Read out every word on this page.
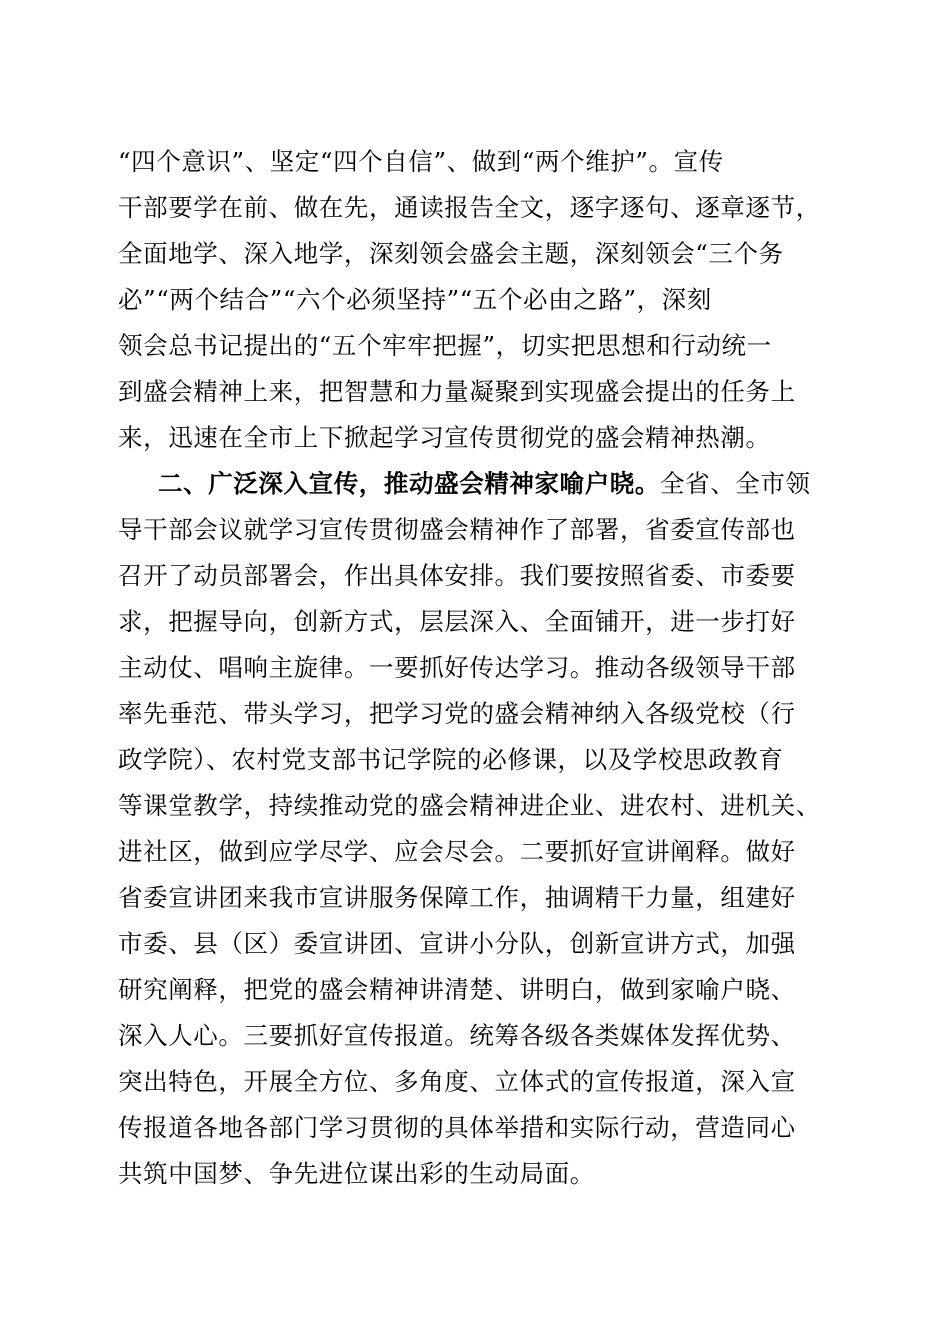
“四个意识”、坚定“四个自信”、做到“两个维护”。宣传
干部要学在前、做在先，通读报告全文，逐字逐句、逐章逐节，
全面地学、深入地学，深刻领会盛会主题，深刻领会“三个务
必”“两个结合”“六个必须坚持”“五个必由之路”，深刻
领会总书记提出的“五个牢牢把握”，切实把思想和行动统一
到盛会精神上来，把智慧和力量凝聚到实现盛会提出的任务上
来，迅速在全市上下掀起学习宣传贯彻党的盛会精神热潮。
二、广泛深入宣传，推动盛会精神家喻户晓。全省、全市领
导干部会议就学习宣传贯彻盛会精神作了部署，省委宣传部也
召开了动员部署会，作出具体安排。我们要按照省委、市委要
求，把握导向，创新方式，层层深入、全面铺开，进一步打好
主动仗、唱响主旋律。一要抓好传达学习。推动各级领导干部
率先垂范、带头学习，把学习党的盛会精神纳入各级党校（行
政学院）、农村党支部书记学院的必修课，以及学校思政教育
等课堂教学，持续推动党的盛会精神进企业、进农村、进机关、
进社区，做到应学尽学、应会尽会。二要抓好宣讲阐释。做好
省委宣讲团来我市宣讲服务保障工作，抽调精干力量，组建好
市委、县（区）委宣讲团、宣讲小分队，创新宣讲方式，加强
研究阐释，把党的盛会精神讲清楚、讲明白，做到家喻户晓、
深入人心。三要抓好宣传报道。统筹各级各类媒体发挥优势、
突出特色，开展全方位、多角度、立体式的宣传报道，深入宣
传报道各地各部门学习贯彻的具体举措和实际行动，营造同心
共筑中国梦、争先进位谋出彩的生动局面。
